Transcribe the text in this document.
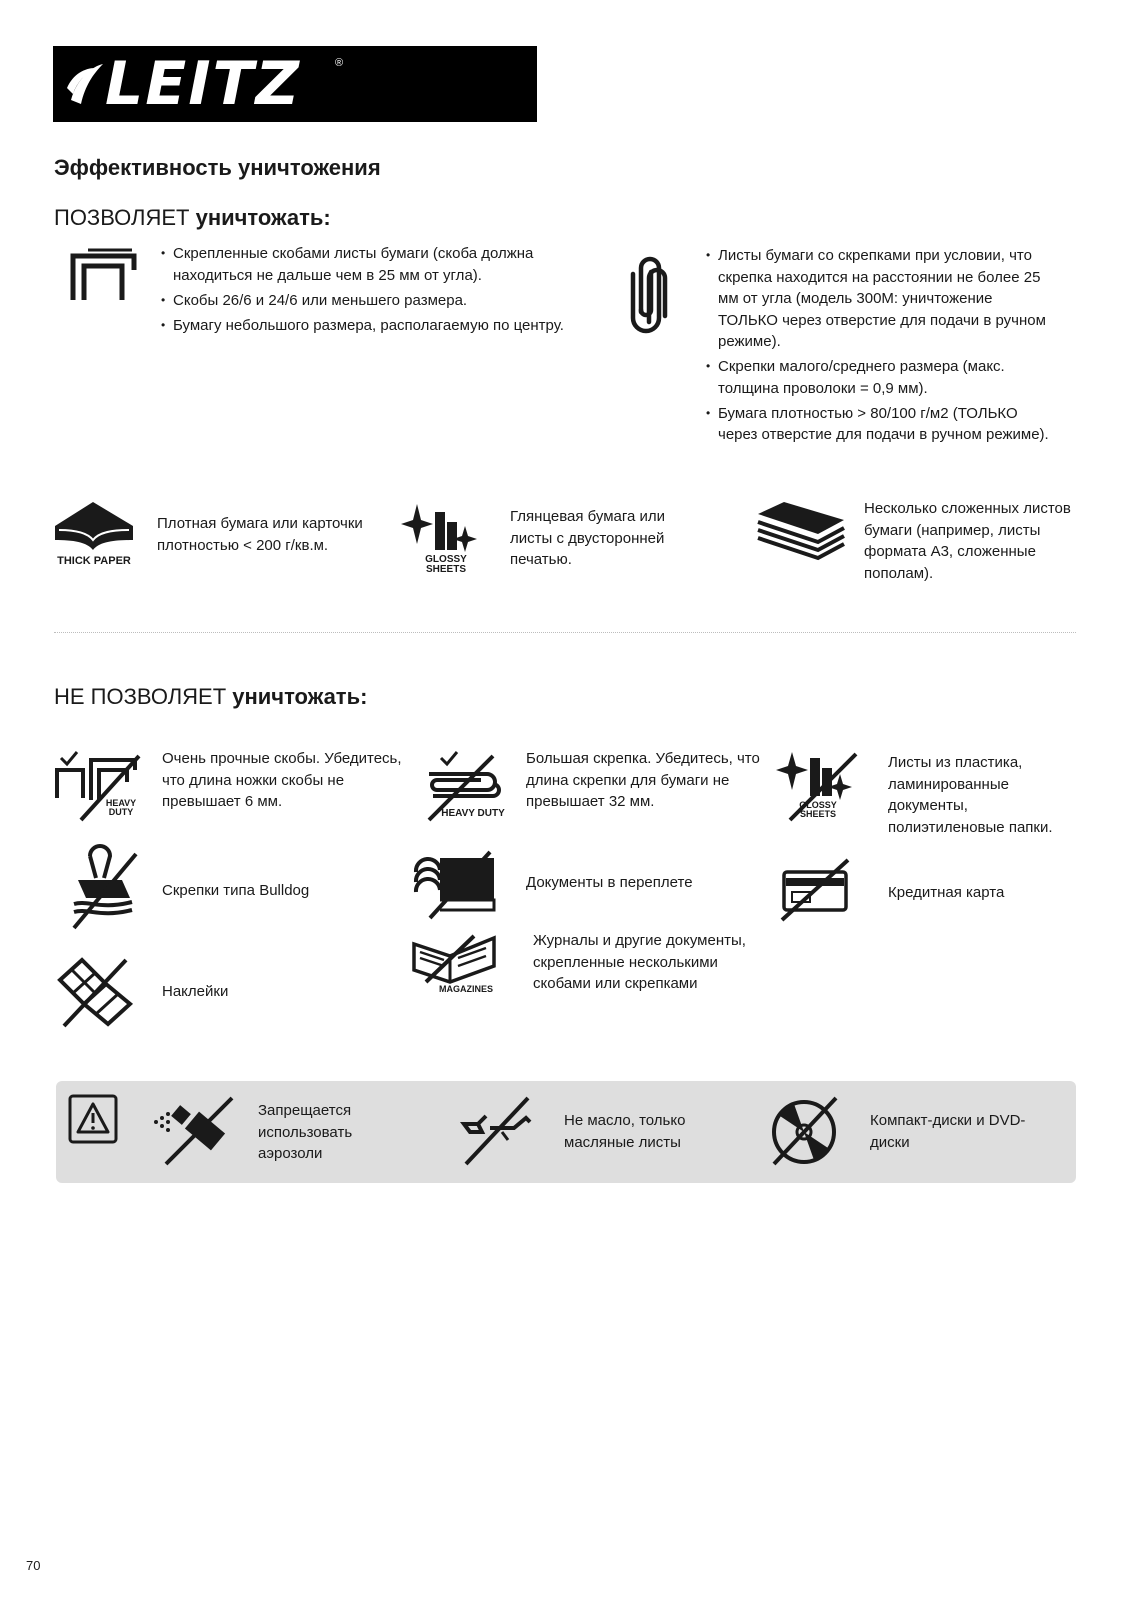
LEITZ	®
Эффективность уничтожения
ПОЗВОЛЯЕТ уничтожать:
• Скрепленные скобами листы бумаги (скоба должна находиться не дальше чем в 25 мм от угла).
• Скобы 26/6 и 24/6 или меньшего размера.
• Бумагу небольшого размера, располагаемую по центру.
• Листы бумаги со скрепками при условии, что скрепка находится на расстоянии не более 25 мм от угла (модель 300M: уничтожение ТОЛЬКО через отверстие для подачи в ручном режиме).
• Скрепки малого/среднего размера (макс. толщина проволоки = 0,9 мм).
• Бумага плотностью > 80/100 г/м2 (ТОЛЬКО через отверстие для подачи в ручном режиме).
THICK PAPER
Плотная бумага или карточки плотностью < 200 г/кв.м.
GLOSSY
SHEETS
Глянцевая бумага или листы с двусторонней печатью.
Несколько сложенных листов бумаги (например, листы формата А3, сложенные пополам).
НЕ ПОЗВОЛЯЕТ уничтожать:
HEAVY
DUTY
Очень прочные скобы. Убедитесь, что длина ножки скобы не превышает 6 мм.
HEAVY DUTY
Большая скрепка. Убедитесь, что длина скрепки для бумаги не превышает 32 мм.	GLOSSY
SHEETS
Листы из пластика, ламинированные документы, полиэтиленовые папки.
Скрепки типа Bulldog	Документы в переплете
Кредитная карта
Наклейки	MAGAZINES
Журналы и другие документы, скрепленные несколькими скобами или скрепками
Запрещается использовать аэрозоли
Не масло, только масляные листы
Компакт-диски и DVD-диски
70
